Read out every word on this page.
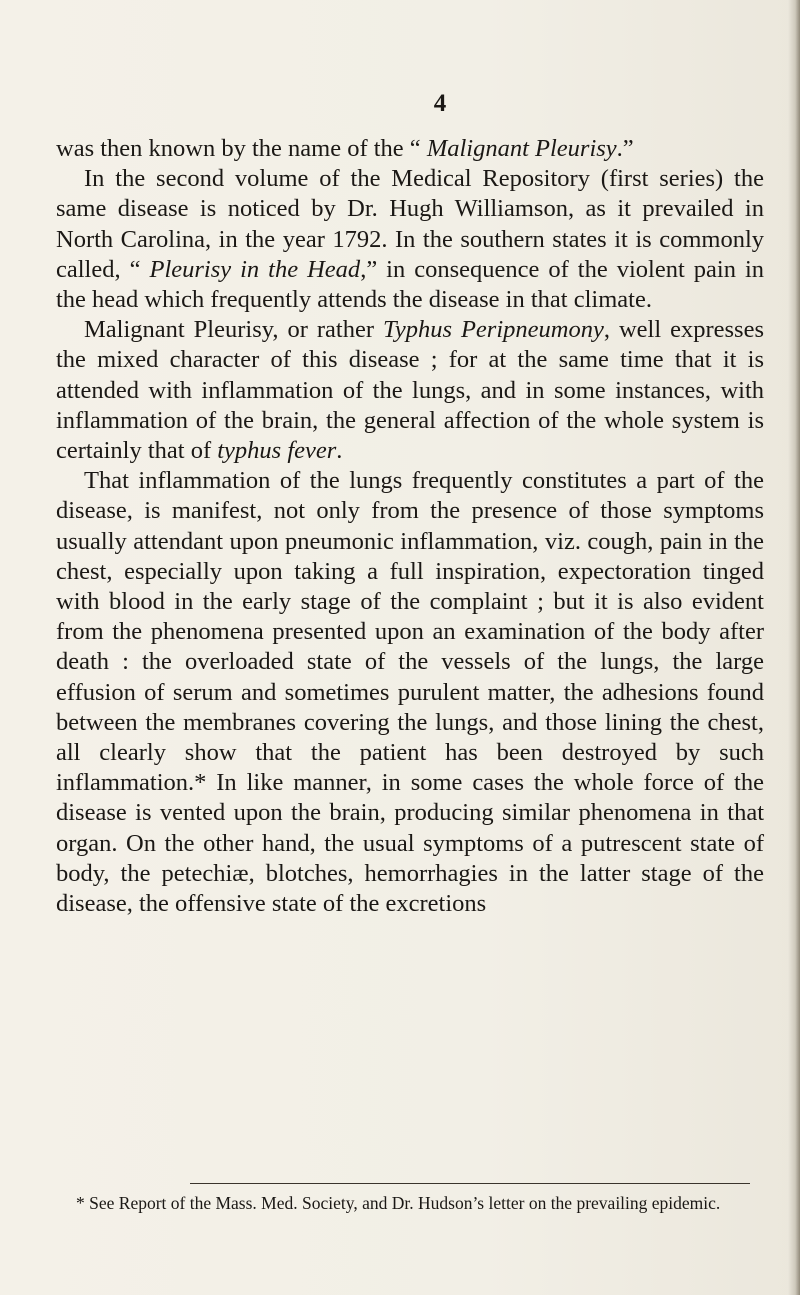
4

was then known by the name of the “ Malignant Pleurisy.”

In the second volume of the Medical Repository (first series) the same disease is noticed by Dr. Hugh Williamson, as it prevailed in North Carolina, in the year 1792. In the southern states it is commonly called, “ Pleurisy in the Head,” in consequence of the violent pain in the head which frequently attends the disease in that climate.

Malignant Pleurisy, or rather Typhus Peripneumony, well expresses the mixed character of this disease ; for at the same time that it is attended with inflammation of the lungs, and in some instances, with inflammation of the brain, the general affection of the whole system is certainly that of typhus fever.

That inflammation of the lungs frequently constitutes a part of the disease, is manifest, not only from the presence of those symptoms usually attendant upon pneumonic inflammation, viz. cough, pain in the chest, especially upon taking a full inspiration, expectoration tinged with blood in the early stage of the complaint ; but it is also evident from the phenomena presented upon an examination of the body after death : the overloaded state of the vessels of the lungs, the large effusion of serum and sometimes purulent matter, the adhesions found between the membranes covering the lungs, and those lining the chest, all clearly show that the patient has been destroyed by such inflammation.* In like manner, in some cases the whole force of the disease is vented upon the brain, producing similar phenomena in that organ. On the other hand, the usual symptoms of a putrescent state of body, the petechiæ, blotches, hemorrhagies in the latter stage of the disease, the offensive state of the excretions

* See Report of the Mass. Med. Society, and Dr. Hudson’s letter on the prevailing epidemic.
